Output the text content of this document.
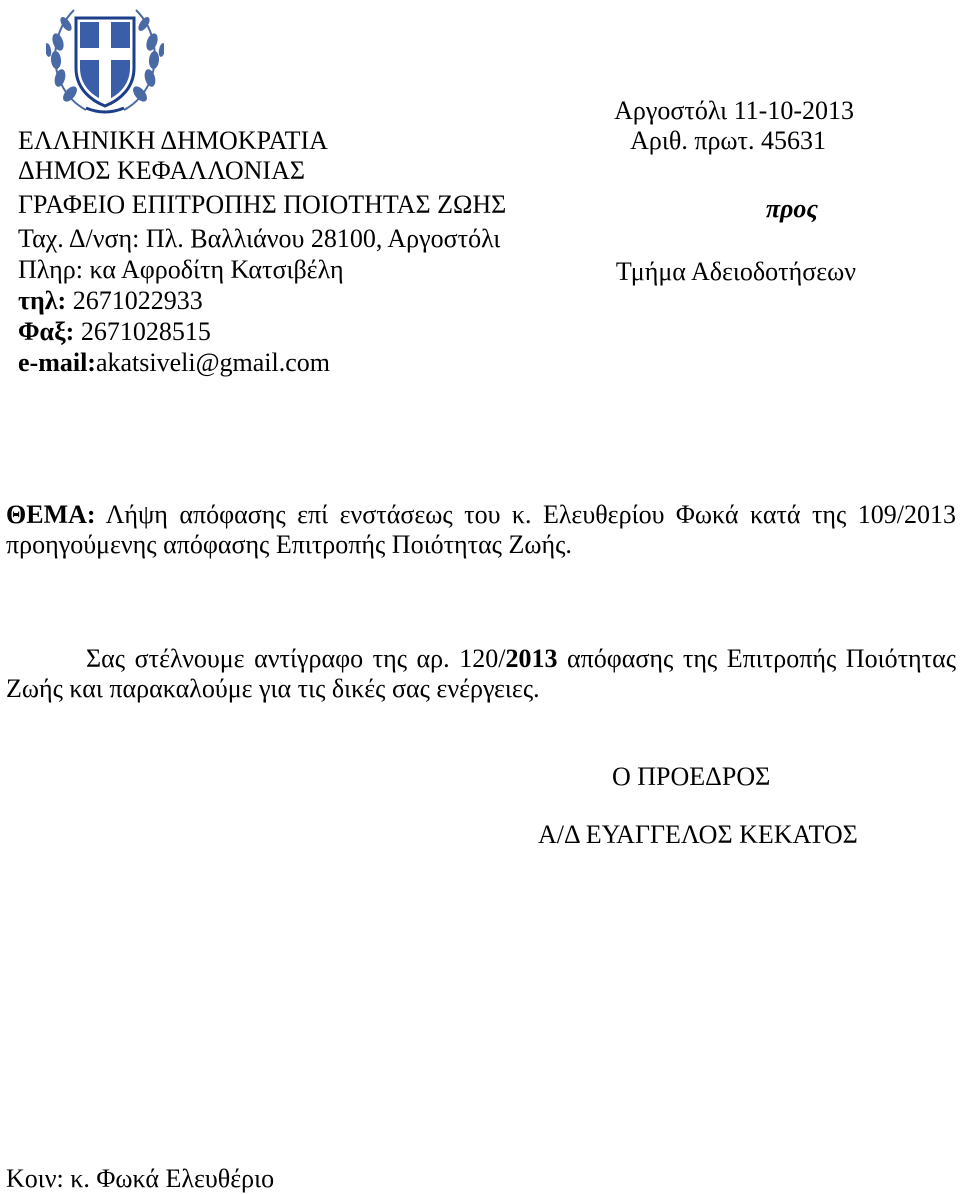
Αργοστόλι 11-10-2013
Αριθ. πρωτ. 45631
ΕΛΛΗΝΙΚΗ ΔΗΜΟΚΡΑΤΙΑ
ΔΗΜΟΣ ΚΕΦΑΛΛΟΝΙΑΣ
ΓΡΑΦΕΙΟ ΕΠΙΤΡΟΠΗΣ ΠΟΙΟΤΗΤΑΣ ΖΩΗΣ	προς
Ταχ. Δ/νση: Πλ. Βαλλιάνου 28100, Αργοστόλι
Πληρ: κα Αφροδίτη Κατσιβέλη	Τμήμα Αδειοδοτήσεων
τηλ: 2671022933
Φαξ: 2671028515
e-mail:akatsiveli@gmail.com
ΘΕΜΑ: Λήψη απόφασης επί ενστάσεως του κ. Ελευθερίου Φωκά κατά της 109/2013 προηγούμενης απόφασης Επιτροπής Ποιότητας Ζωής.
Σας στέλνουμε αντίγραφο της αρ. 120/2013 απόφασης της Επιτροπής Ποιότητας Ζωής και παρακαλούμε για τις δικές σας ενέργειες.
Ο ΠΡΟΕΔΡΟΣ
Α/Δ ΕΥΑΓΓΕΛΟΣ ΚΕΚΑΤΟΣ
Κοιν: κ. Φωκά Ελευθέριο
